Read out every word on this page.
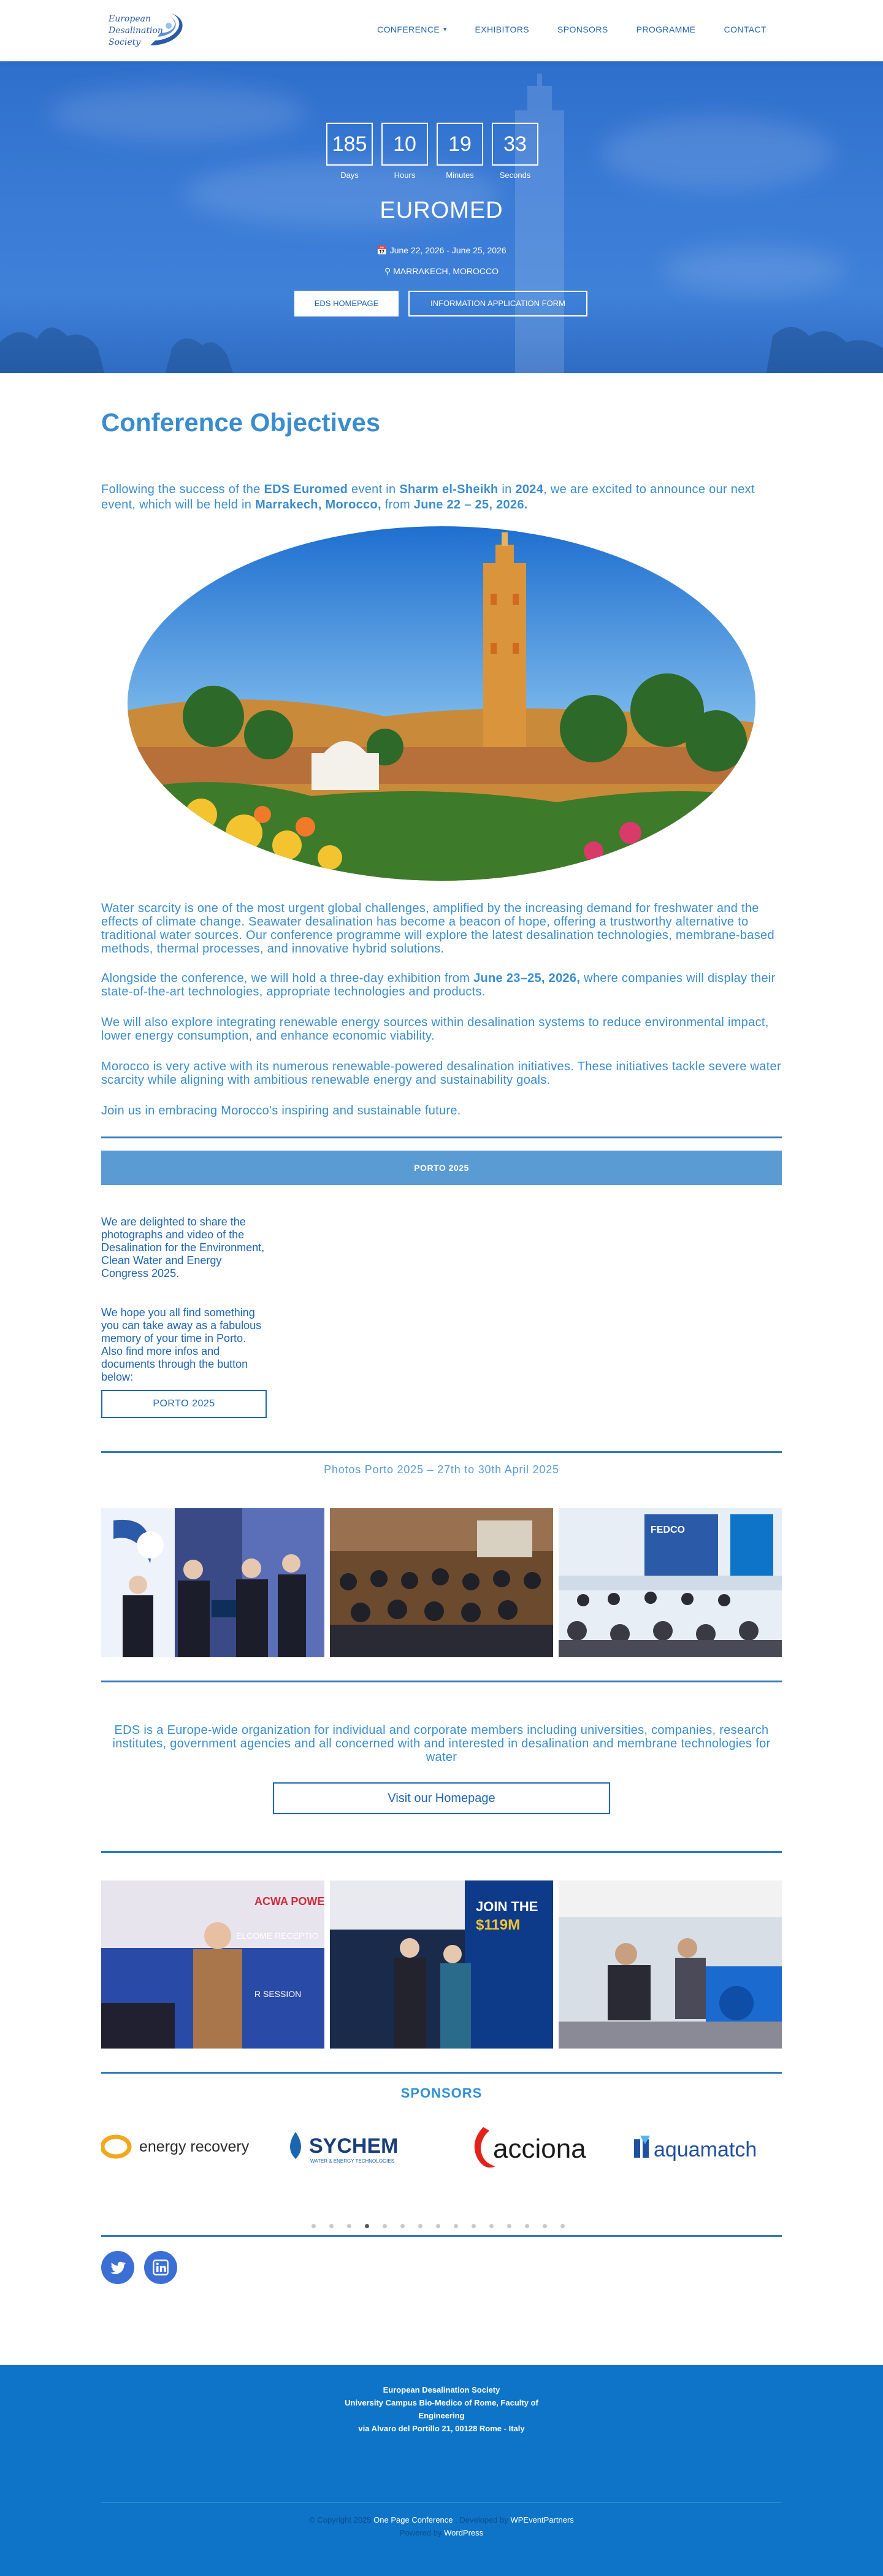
European
Desalination
Society
CONFERENCE ▾	EXHIBITORS	SPONSORS	PROGRAMME	CONTACT
185
Days
10
Hours
19
Minutes
33
Seconds
EUROMED
📅 June 22, 2026 - June 25, 2026
⚲ MARRAKECH, MOROCCO
EDS HOMEPAGE	INFORMATION APPLICATION FORM
Conference Objectives

Following the success of the EDS Euromed event in Sharm el-Sheikh in 2024, we are excited to announce our next event, which will be held in Marrakech, Morocco, from June 22 – 25, 2026.

Water scarcity is one of the most urgent global challenges, amplified by the increasing demand for freshwater and the effects of climate change. Seawater desalination has become a beacon of hope, offering a trustworthy alternative to traditional water sources. Our conference programme will explore the latest desalination technologies, membrane-based methods, thermal processes, and innovative hybrid solutions.

Alongside the conference, we will hold a three-day exhibition from June 23–25, 2026, where companies will display their state-of-the-art technologies, appropriate technologies and products.

We will also explore integrating renewable energy sources within desalination systems to reduce environmental impact, lower energy consumption, and enhance economic viability.

Morocco is very active with its numerous renewable-powered desalination initiatives. These initiatives tackle severe water scarcity while aligning with ambitious renewable energy and sustainability goals.

Join us in embracing Morocco's inspiring and sustainable future.

PORTO 2025

We are delighted to share the photographs and video of the Desalination for the Environment, Clean Water and Energy Congress 2025.

We hope you all find something you can take away as a fabulous memory of your time in Porto. Also find more infos and documents through the button below:

PORTO 2025
Photos Porto 2025 – 27th to 30th April 2025
FEDCO

EDS is a Europe-wide organization for individual and corporate members including universities, companies, research institutes, government agencies and all concerned with and interested in desalination and membrane technologies for water

Visit our Homepage
ACWA POWE
ELCOME RECEPTIO
R SESSION
JOIN THE
$119M
SPONSORS
energy recovery	SYCHEM
WATER & ENERGY TECHNOLOGIES	acciona	aquamatch
European Desalination Society
University Campus Bio-Medico of Rome, Faculty of
Engineering
via Alvaro del Portillo 21, 00128 Rome - Italy
© Copyright 2025 One Page Conference . Developed by WPEventPartners
Powered by WordPress
